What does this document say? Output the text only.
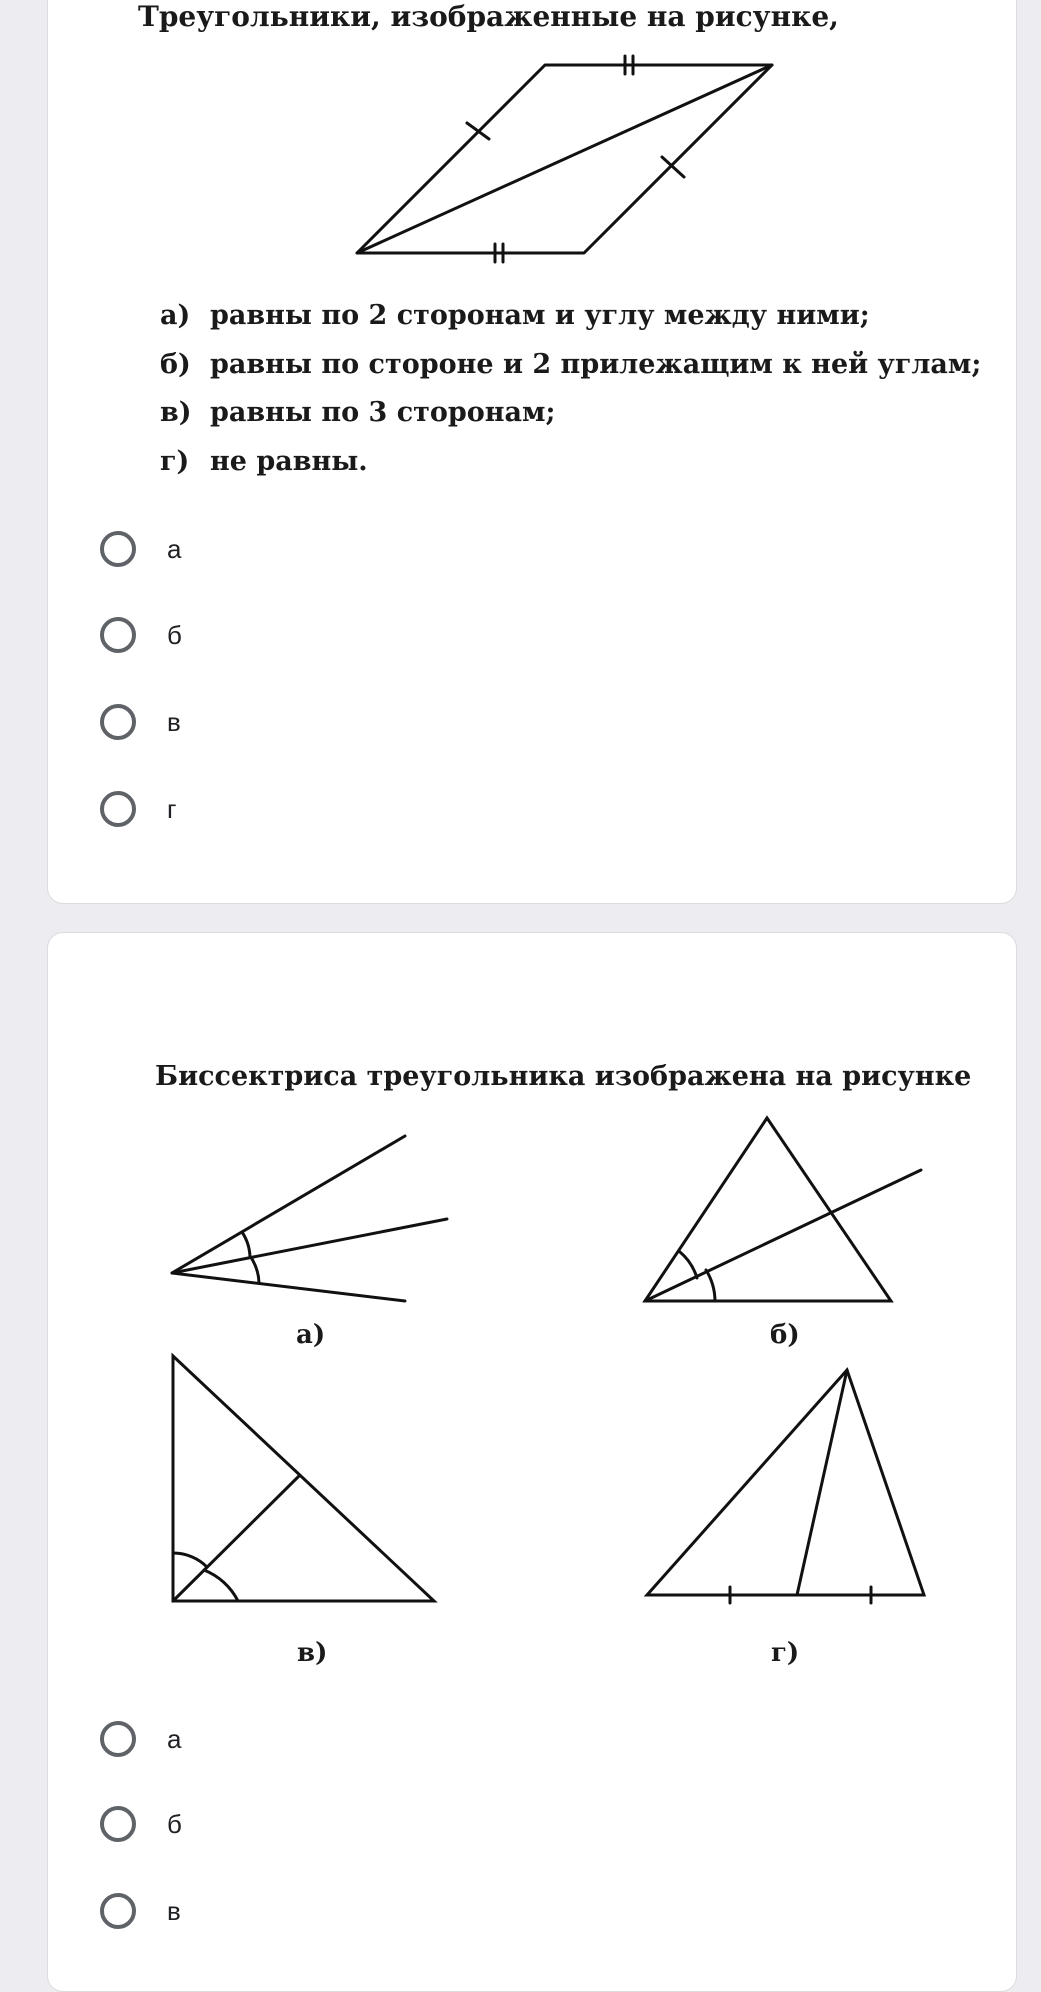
Треугольники, изображенные на рисунке,
а) равны по 2 сторонам и углу между ними;
б) равны по стороне и 2 прилежащим к ней углам;
в) равны по 3 сторонам;
г) не равны.
а
б
в
г
Биссектриса треугольника изображена на рисунке
а)	б)
в)	г)
а
б
в
